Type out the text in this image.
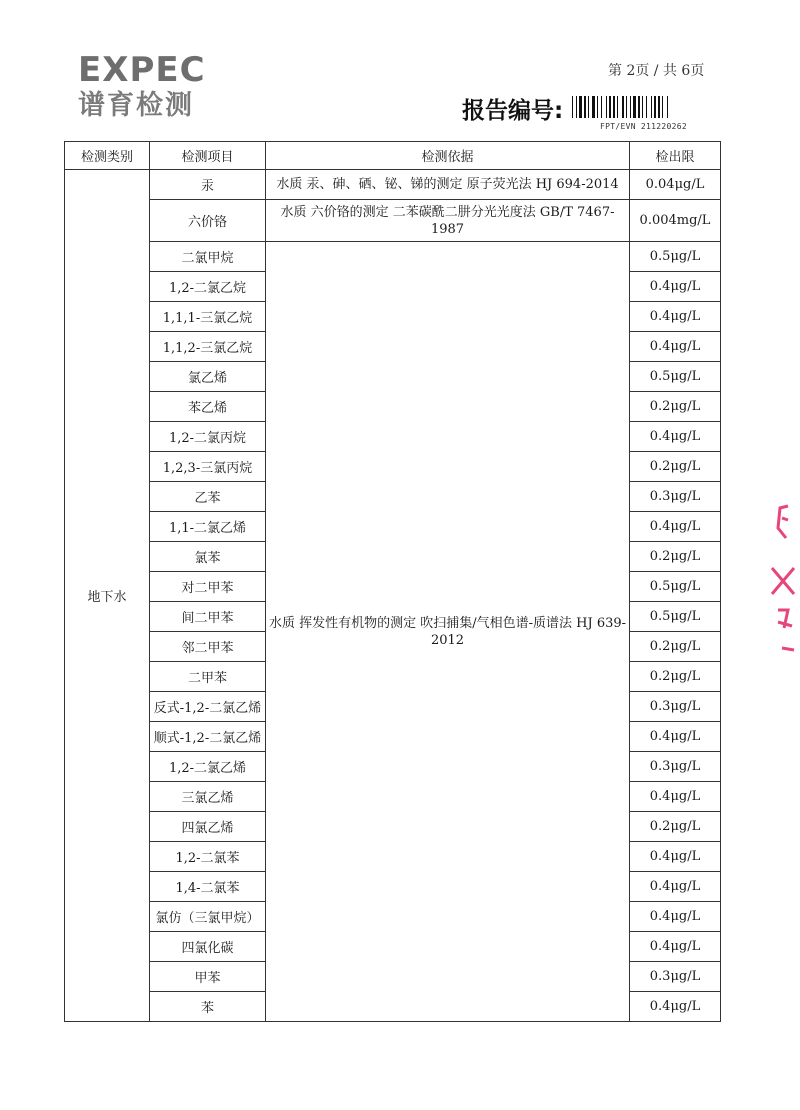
EXPEC
谱育检测
第 2页 / 共 6页
报告编号:
FPT/EVN 211220262
检测类别	检测项目	检测依据	检出限
地下水	汞	水质 汞、砷、硒、铋、锑的测定 原子荧光法 HJ 694-2014	0.04μg/L
	六价铬	水质 六价铬的测定 二苯碳酰二肼分光光度法 GB/T 7467-1987	0.004mg/L
	二氯甲烷	水质 挥发性有机物的测定 吹扫捕集/气相色谱-质谱法 HJ 639-2012	0.5μg/L
	1,2-二氯乙烷		0.4μg/L
	1,1,1-三氯乙烷		0.4μg/L
	1,1,2-三氯乙烷		0.4μg/L
	氯乙烯		0.5μg/L
	苯乙烯		0.2μg/L
	1,2-二氯丙烷		0.4μg/L
	1,2,3-三氯丙烷		0.2μg/L
	乙苯		0.3μg/L
	1,1-二氯乙烯		0.4μg/L
	氯苯		0.2μg/L
	对二甲苯		0.5μg/L
	间二甲苯		0.5μg/L
	邻二甲苯		0.2μg/L
	二甲苯		0.2μg/L
	反式-1,2-二氯乙烯		0.3μg/L
	顺式-1,2-二氯乙烯		0.4μg/L
	1,2-二氯乙烯		0.3μg/L
	三氯乙烯		0.4μg/L
	四氯乙烯		0.2μg/L
	1,2-二氯苯		0.4μg/L
	1,4-二氯苯		0.4μg/L
	氯仿（三氯甲烷）		0.4μg/L
	四氯化碳		0.4μg/L
	甲苯		0.3μg/L
	苯		0.4μg/L
